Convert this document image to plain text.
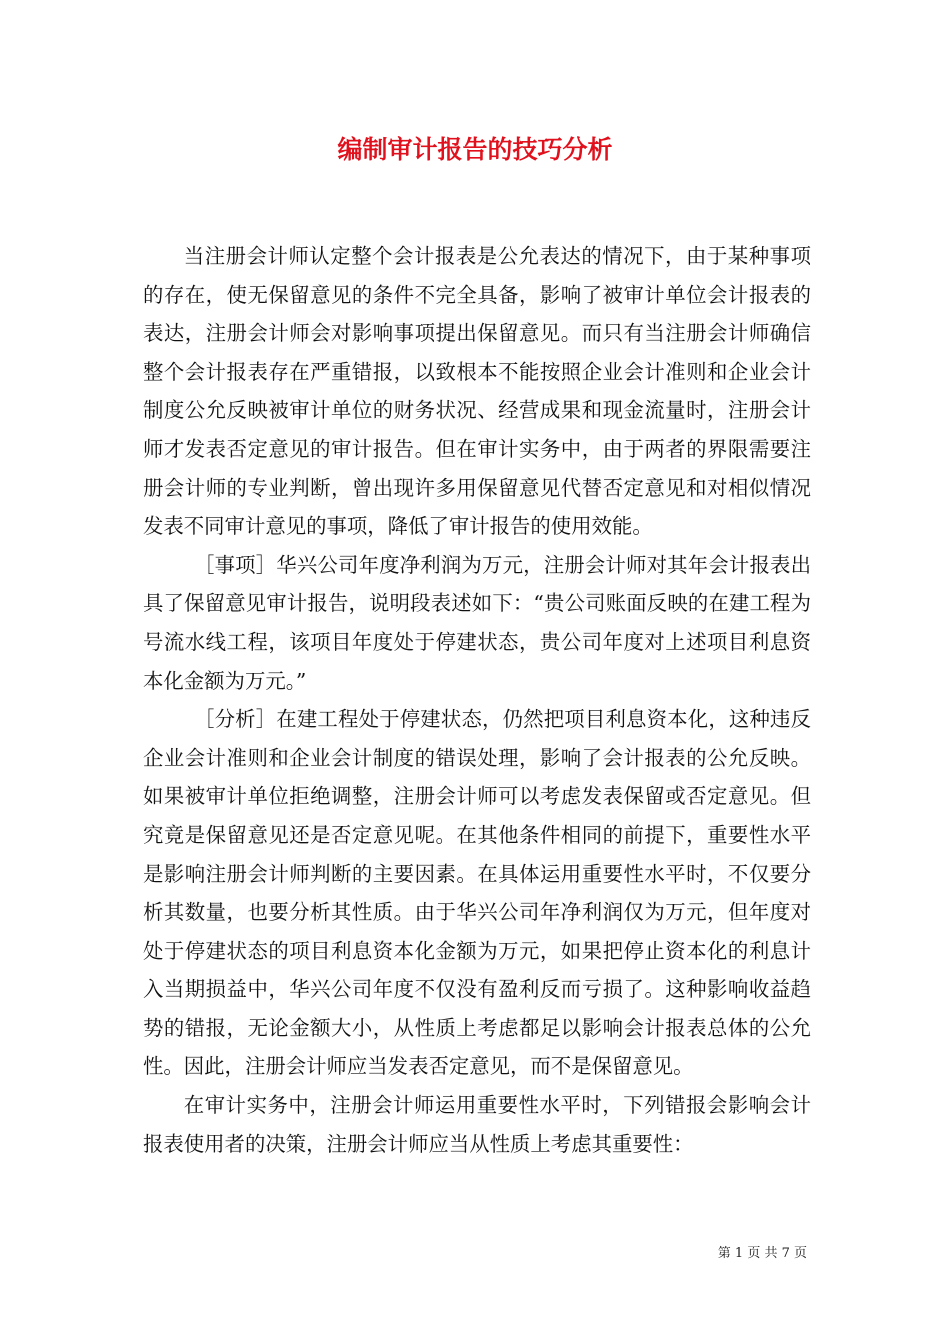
编制审计报告的技巧分析

当注册会计师认定整个会计报表是公允表达的情况下，由于某种事项的存在，使无保留意见的条件不完全具备，影响了被审计单位会计报表的表达，注册会计师会对影响事项提出保留意见。而只有当注册会计师确信整个会计报表存在严重错报，以致根本不能按照企业会计准则和企业会计制度公允反映被审计单位的财务状况、经营成果和现金流量时，注册会计师才发表否定意见的审计报告。但在审计实务中，由于两者的界限需要注册会计师的专业判断，曾出现许多用保留意见代替否定意见和对相似情况发表不同审计意见的事项，降低了审计报告的使用效能。

［事项］华兴公司年度净利润为万元，注册会计师对其年会计报表出具了保留意见审计报告，说明段表述如下：“贵公司账面反映的在建工程为号流水线工程，该项目年度处于停建状态，贵公司年度对上述项目利息资本化金额为万元。”

［分析］在建工程处于停建状态，仍然把项目利息资本化，这种违反企业会计准则和企业会计制度的错误处理，影响了会计报表的公允反映。如果被审计单位拒绝调整，注册会计师可以考虑发表保留或否定意见。但究竟是保留意见还是否定意见呢。在其他条件相同的前提下，重要性水平是影响注册会计师判断的主要因素。在具体运用重要性水平时，不仅要分析其数量，也要分析其性质。由于华兴公司年净利润仅为万元，但年度对处于停建状态的项目利息资本化金额为万元，如果把停止资本化的利息计入当期损益中，华兴公司年度不仅没有盈利反而亏损了。这种影响收益趋势的错报，无论金额大小，从性质上考虑都足以影响会计报表总体的公允性。因此，注册会计师应当发表否定意见，而不是保留意见。

在审计实务中，注册会计师运用重要性水平时，下列错报会影响会计报表使用者的决策，注册会计师应当从性质上考虑其重要性：

第 1 页 共 7 页
